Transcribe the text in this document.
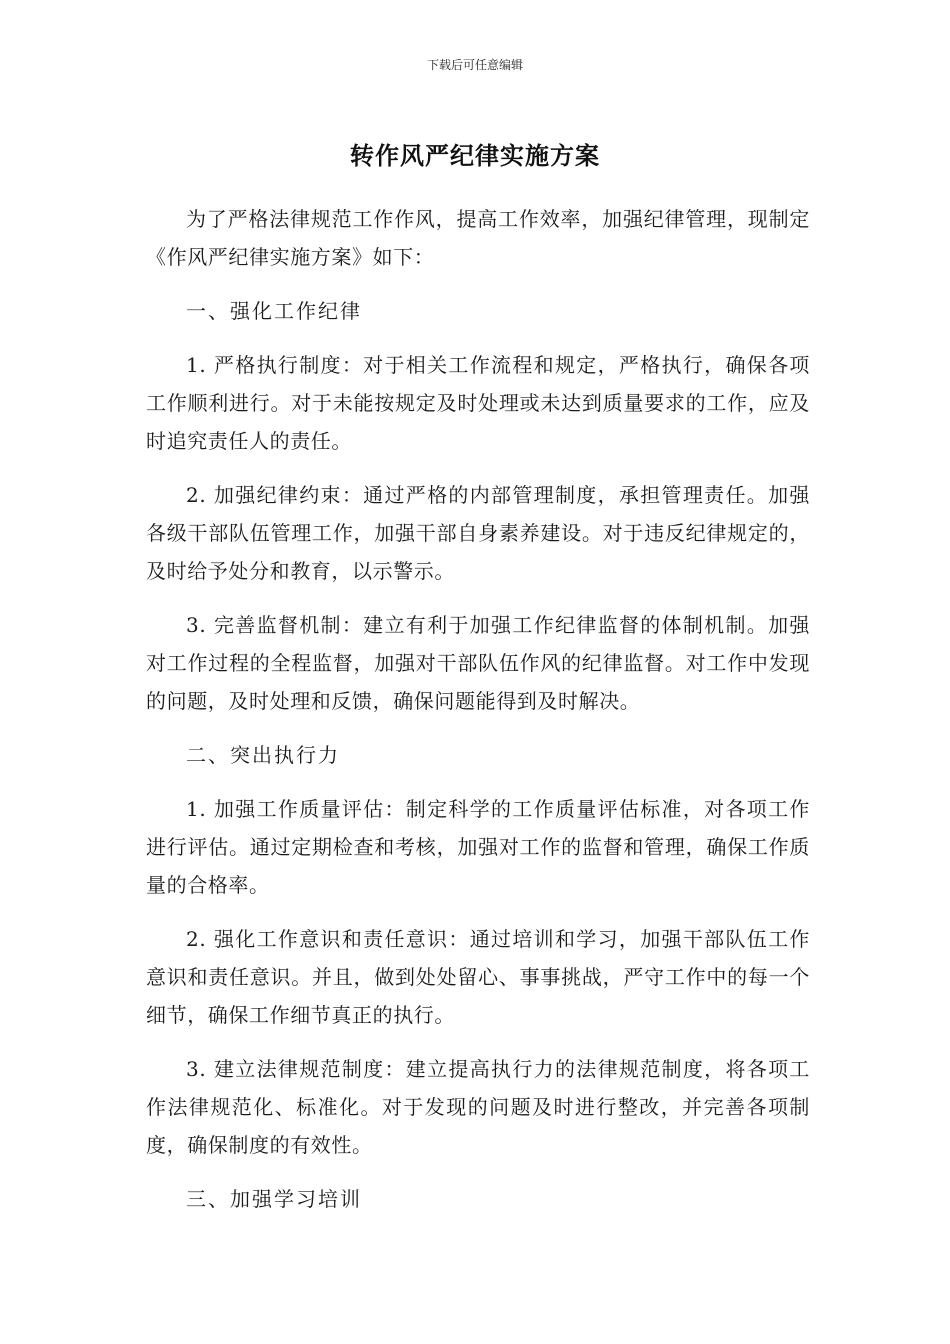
下载后可任意编辑
转作风严纪律实施方案

为了严格法律规范工作作风，提高工作效率，加强纪律管理，现制定《作风严纪律实施方案》如下：

一、强化工作纪律

1. 严格执行制度：对于相关工作流程和规定，严格执行，确保各项工作顺利进行。对于未能按规定及时处理或未达到质量要求的工作，应及时追究责任人的责任。

2. 加强纪律约束：通过严格的内部管理制度，承担管理责任。加强各级干部队伍管理工作，加强干部自身素养建设。对于违反纪律规定的，及时给予处分和教育，以示警示。

3. 完善监督机制：建立有利于加强工作纪律监督的体制机制。加强对工作过程的全程监督，加强对干部队伍作风的纪律监督。对工作中发现的问题，及时处理和反馈，确保问题能得到及时解决。

二、突出执行力

1. 加强工作质量评估：制定科学的工作质量评估标准，对各项工作进行评估。通过定期检查和考核，加强对工作的监督和管理，确保工作质量的合格率。

2. 强化工作意识和责任意识：通过培训和学习，加强干部队伍工作意识和责任意识。并且，做到处处留心、事事挑战，严守工作中的每一个细节，确保工作细节真正的执行。

3. 建立法律规范制度：建立提高执行力的法律规范制度，将各项工作法律规范化、标准化。对于发现的问题及时进行整改，并完善各项制度，确保制度的有效性。

三、加强学习培训
